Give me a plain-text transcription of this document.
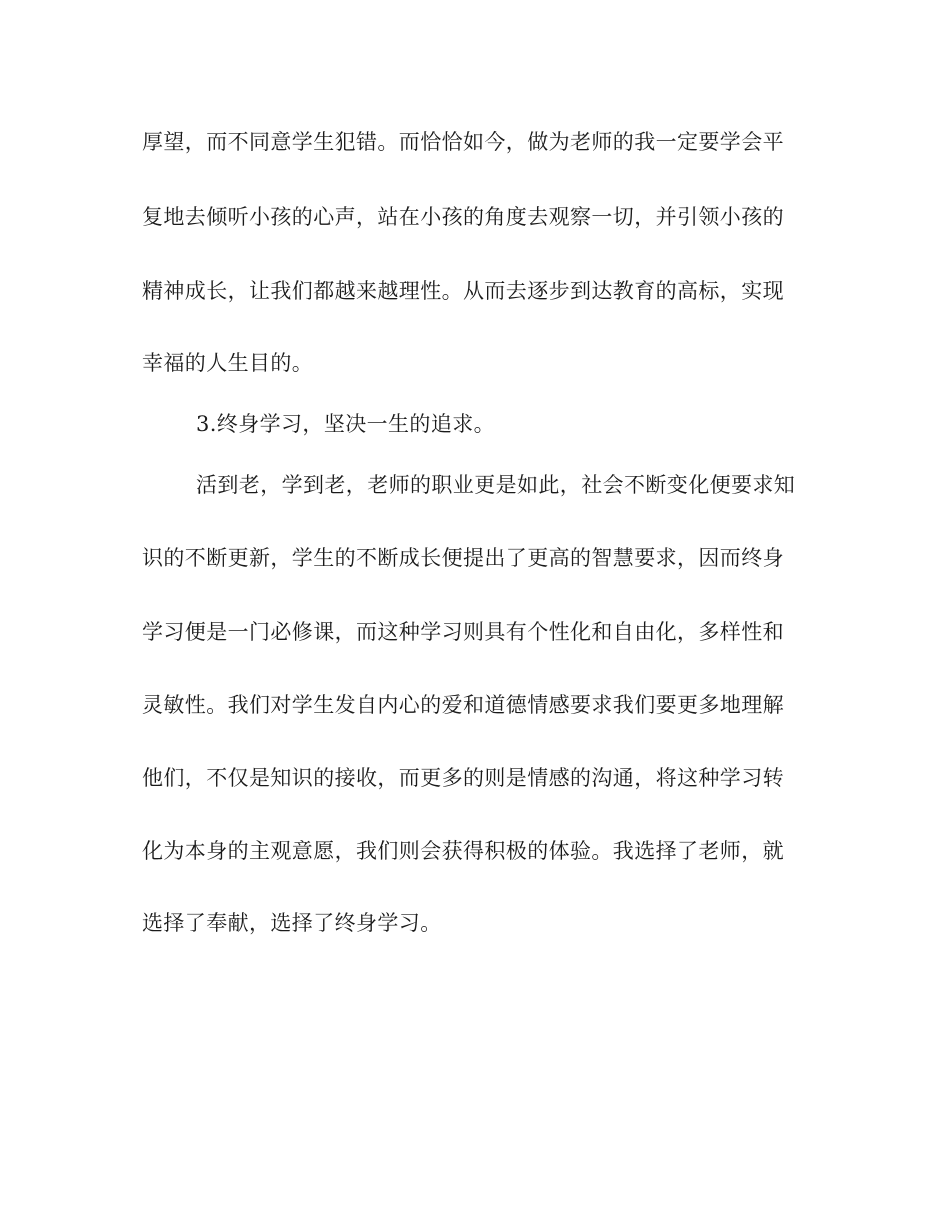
厚望，而不同意学生犯错。而恰恰如今，做为老师的我一定要学会平
复地去倾听小孩的心声，站在小孩的角度去观察一切，并引领小孩的
精神成长，让我们都越来越理性。从而去逐步到达教育的高标，实现
幸福的人生目的。
3.终身学习，坚决一生的追求。
活到老，学到老，老师的职业更是如此，社会不断变化便要求知
识的不断更新，学生的不断成长便提出了更高的智慧要求，因而终身
学习便是一门必修课，而这种学习则具有个性化和自由化，多样性和
灵敏性。我们对学生发自内心的爱和道德情感要求我们要更多地理解
他们，不仅是知识的接收，而更多的则是情感的沟通，将这种学习转
化为本身的主观意愿，我们则会获得积极的体验。我选择了老师，就
选择了奉献，选择了终身学习。
